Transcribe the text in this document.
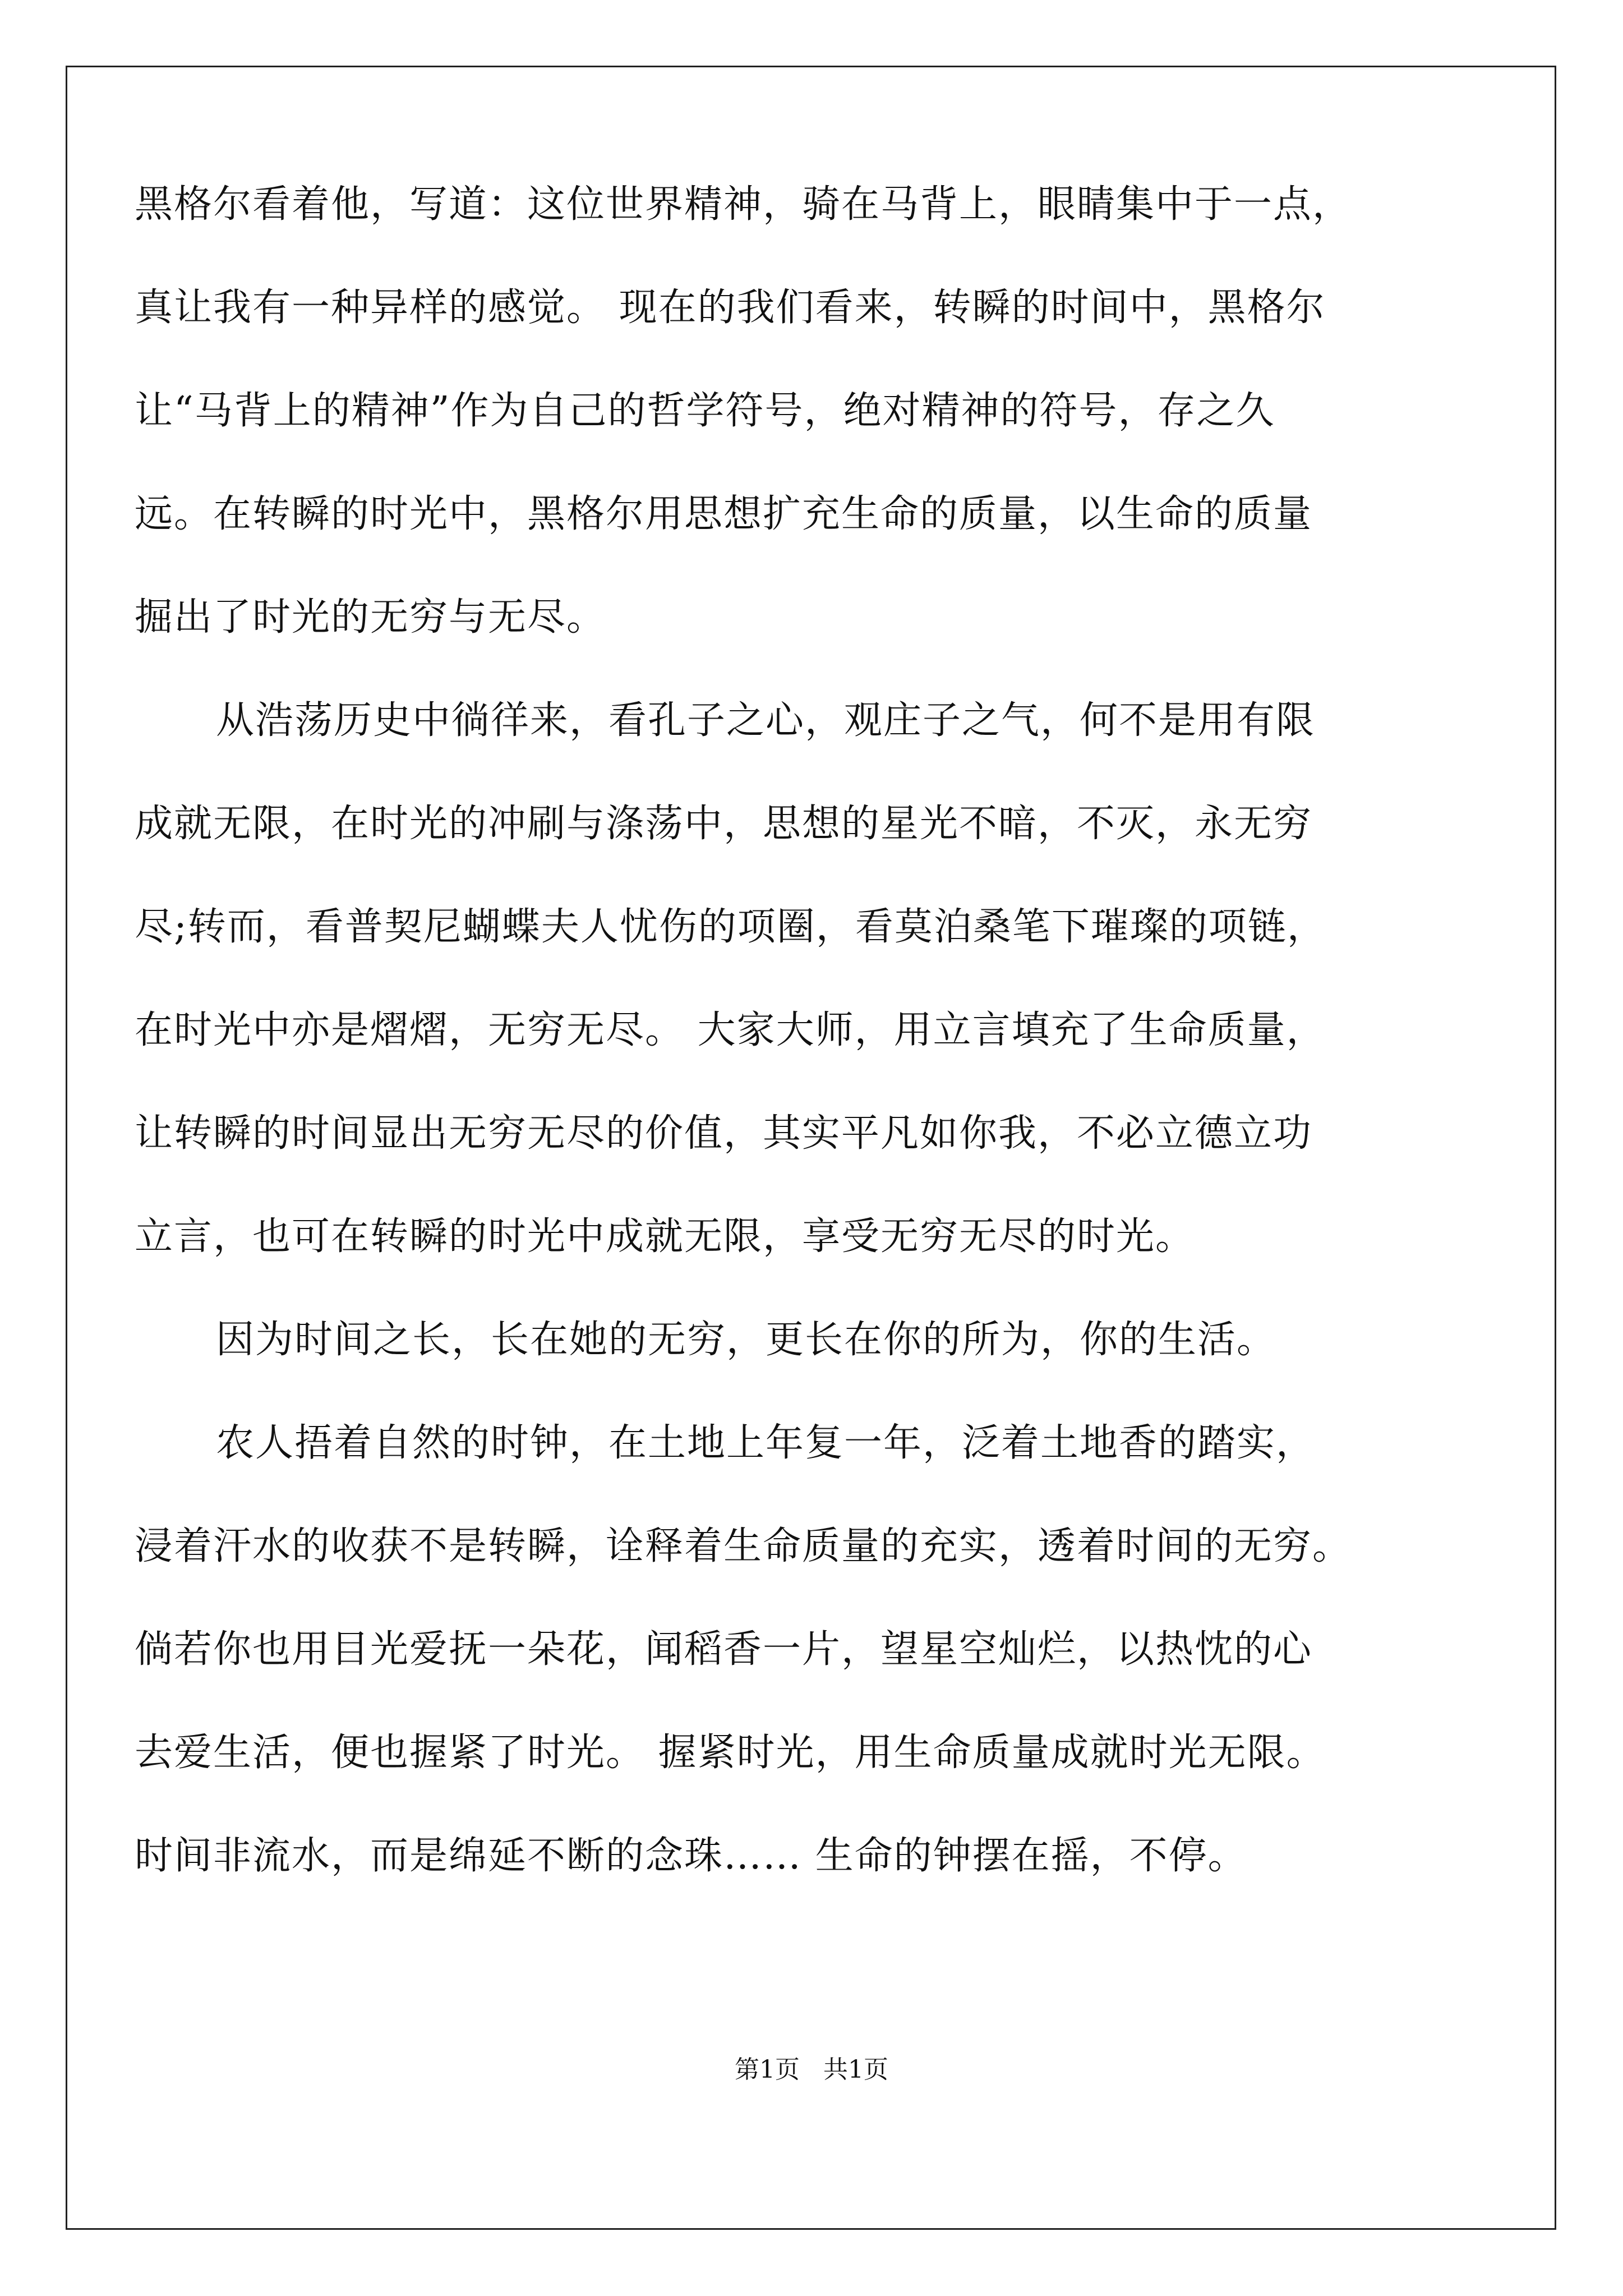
黑格尔看着他，写道：这位世界精神，骑在马背上，眼睛集中于一点，
真让我有一种异样的感觉。 现在的我们看来，转瞬的时间中，黑格尔
让“马背上的精神”作为自己的哲学符号，绝对精神的符号，存之久
远。在转瞬的时光中，黑格尔用思想扩充生命的质量，以生命的质量
掘出了时光的无穷与无尽。
从浩荡历史中徜徉来，看孔子之心，观庄子之气，何不是用有限
成就无限，在时光的冲刷与涤荡中，思想的星光不暗，不灭，永无穷
尽;转而，看普契尼蝴蝶夫人忧伤的项圈，看莫泊桑笔下璀璨的项链，
在时光中亦是熠熠，无穷无尽。 大家大师，用立言填充了生命质量，
让转瞬的时间显出无穷无尽的价值，其实平凡如你我，不必立德立功
立言，也可在转瞬的时光中成就无限，享受无穷无尽的时光。
因为时间之长，长在她的无穷，更长在你的所为，你的生活。
农人捂着自然的时钟，在土地上年复一年，泛着土地香的踏实，
浸着汗水的收获不是转瞬，诠释着生命质量的充实，透着时间的无穷。
倘若你也用目光爱抚一朵花，闻稻香一片，望星空灿烂，以热忱的心
去爱生活，便也握紧了时光。 握紧时光，用生命质量成就时光无限。
时间非流水，而是绵延不断的念珠…… 生命的钟摆在摇，不停。
第1页   共1页
